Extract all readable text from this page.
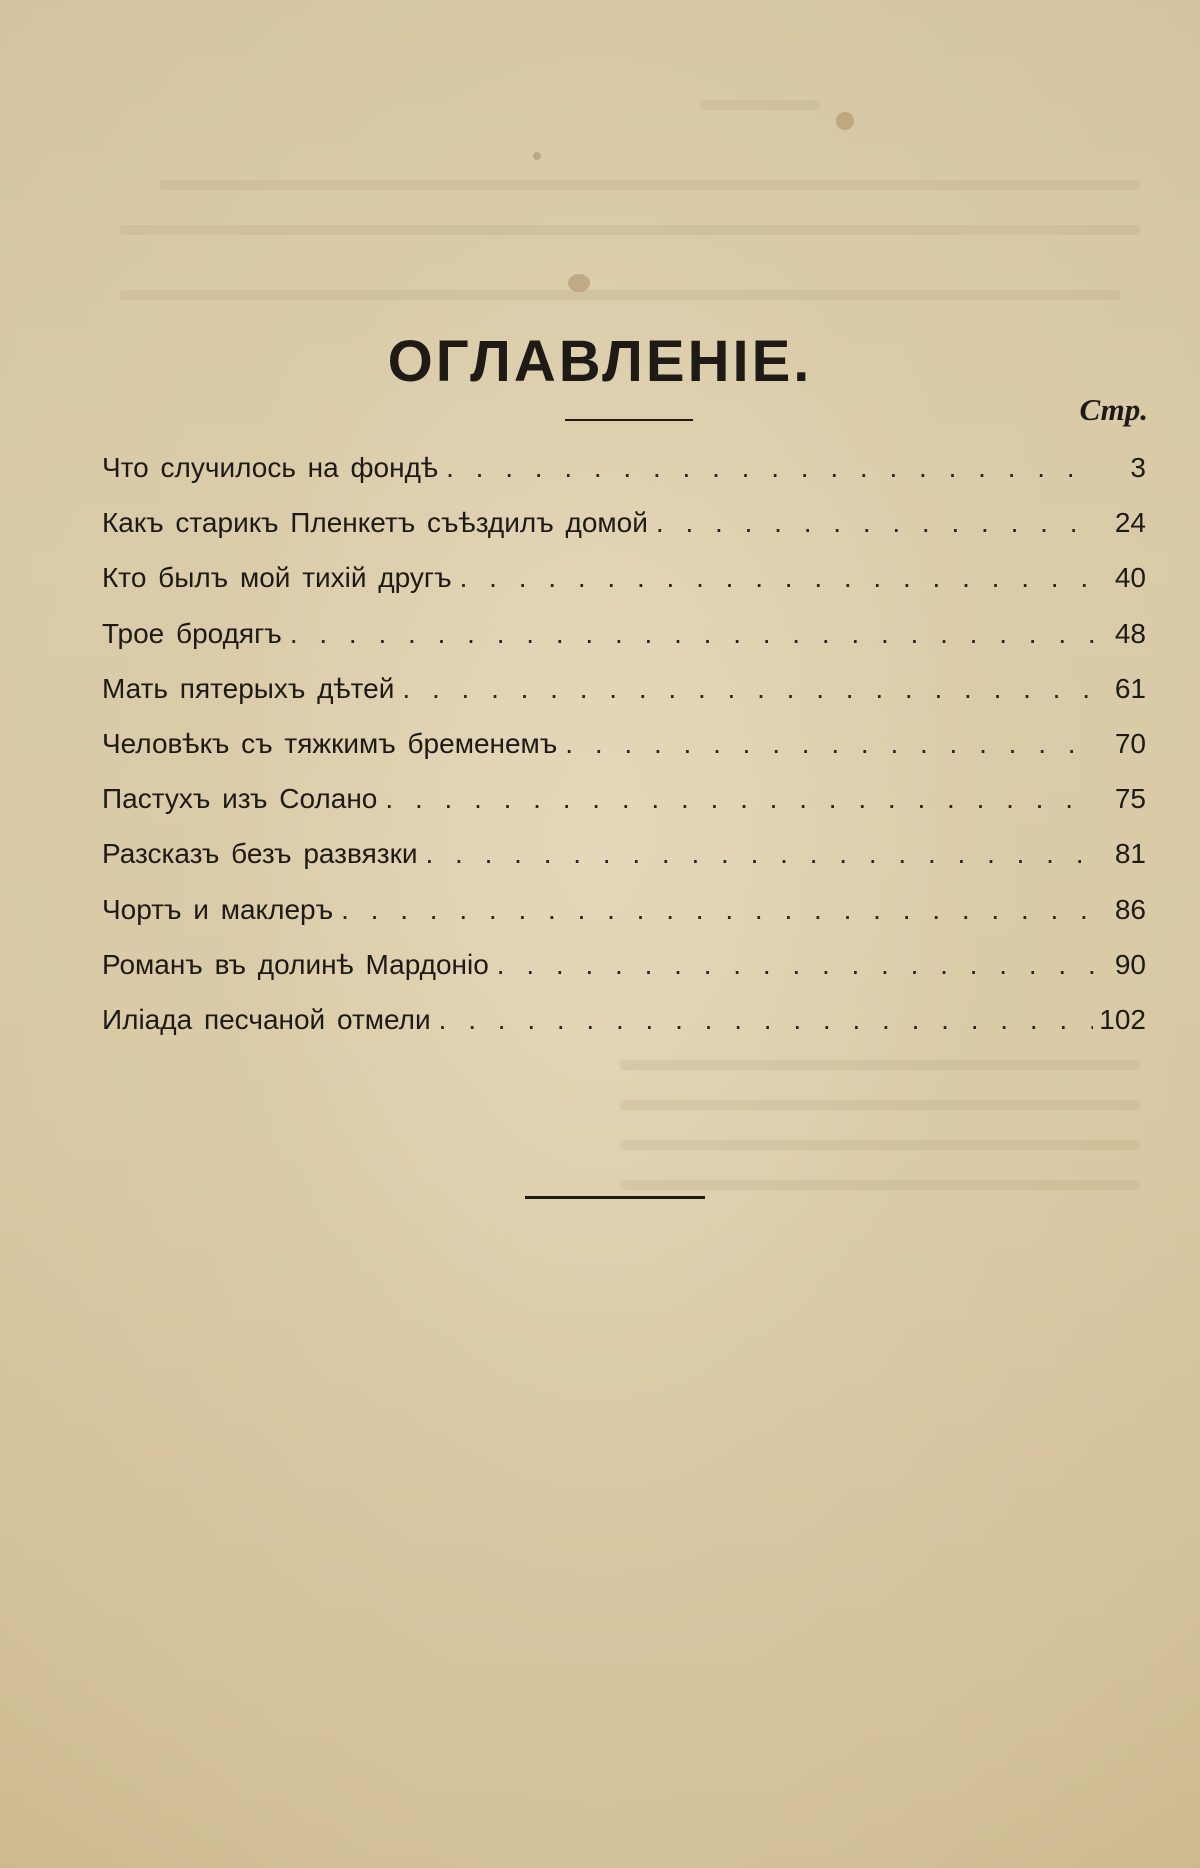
ОГЛАВЛЕНІЕ.
Стр.
Что случилось на фондѣ . . .	3
Какъ старикъ Пленкетъ съѣздилъ домой . . .	24
Кто былъ мой тихій другъ . . .	40
Трое бродягъ . . .	48
Мать пятерыхъ дѣтей . . .	61
Человѣкъ съ тяжкимъ бременемъ . . .	70
Пастухъ изъ Солано . . .	75
Разсказъ безъ развязки . . .	81
Чортъ и маклеръ . . .	86
Романъ въ долинѣ Мардоніо . . .	90
Иліада песчаной отмели . . .	102
